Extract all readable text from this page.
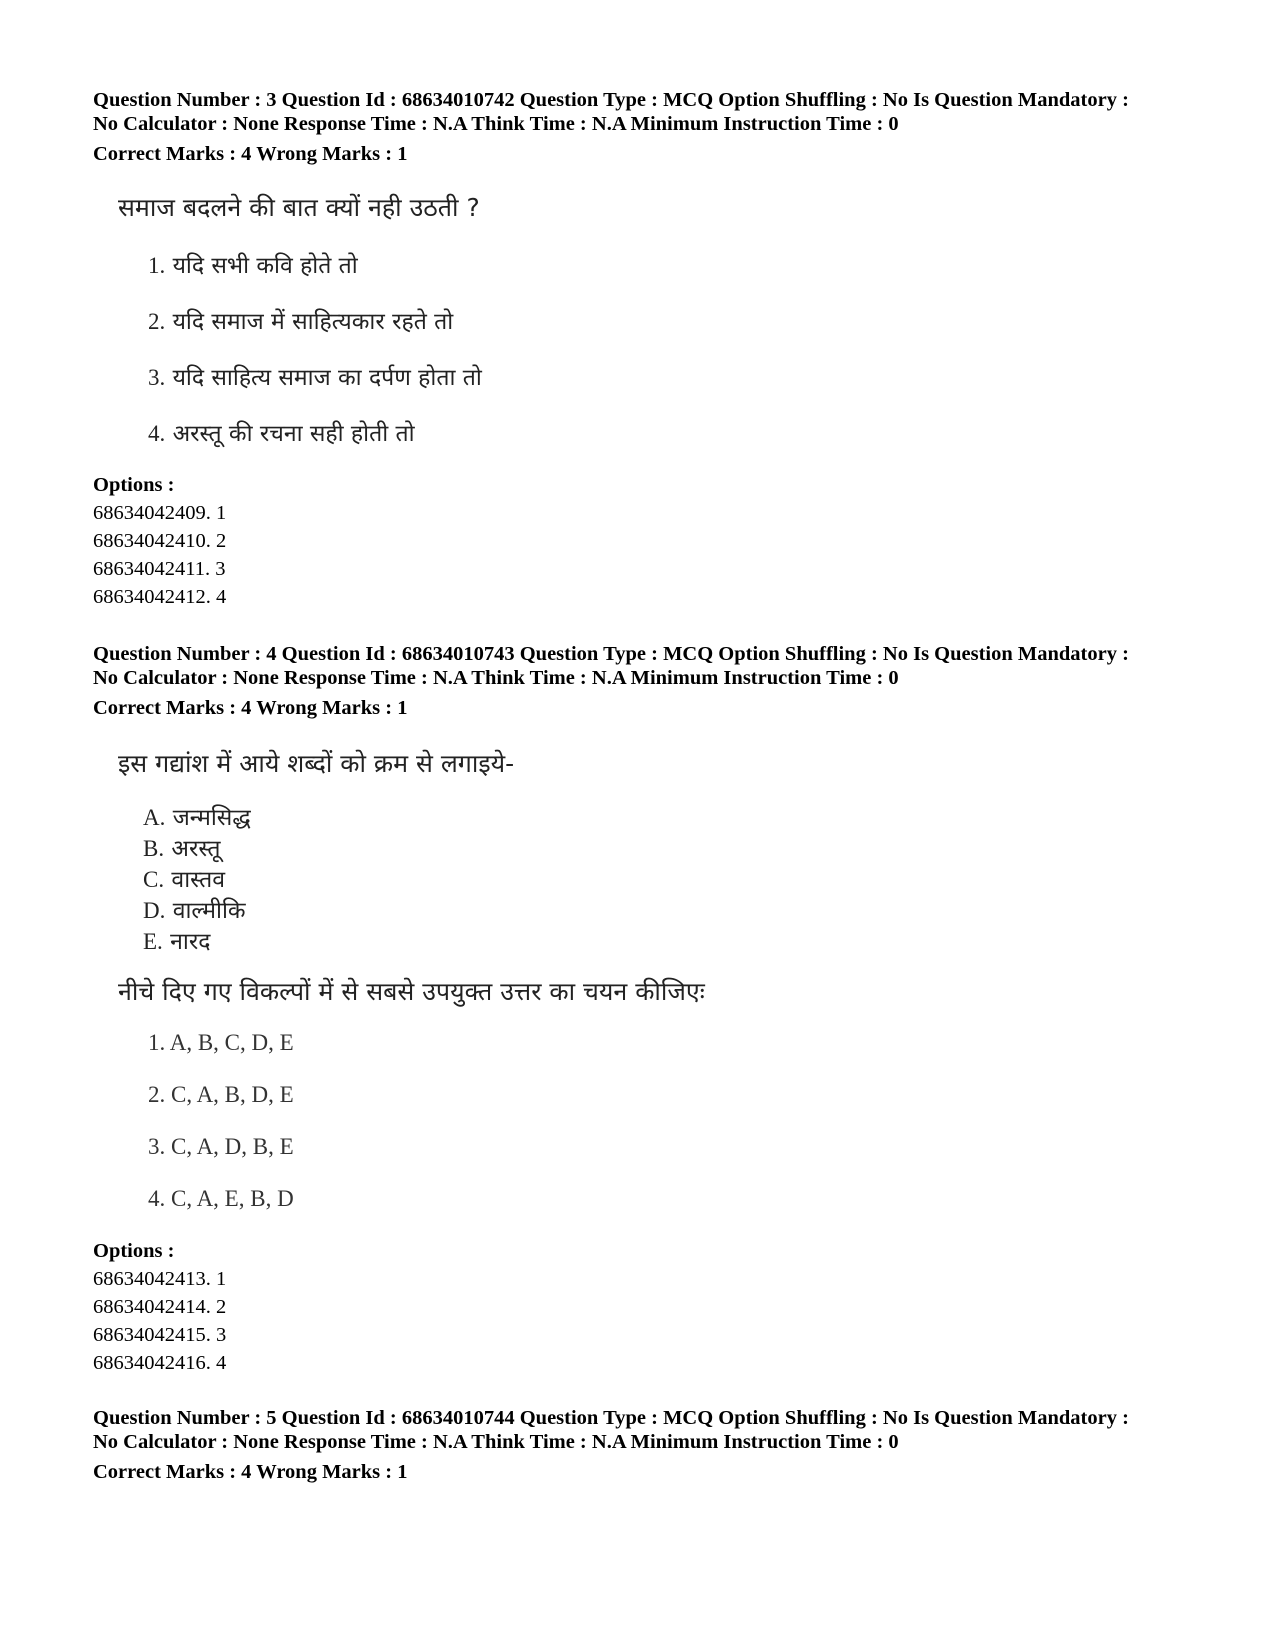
Question Number : 3 Question Id : 68634010742 Question Type : MCQ Option Shuffling : No Is Question Mandatory :

No Calculator : None Response Time : N.A Think Time : N.A Minimum Instruction Time : 0

Correct Marks : 4 Wrong Marks : 1

समाज बदलने की बात क्यों नही उठती ?

1. यदि सभी कवि होते तो

2. यदि समाज में साहित्यकार रहते तो

3. यदि साहित्य समाज का दर्पण होता तो

4. अरस्तू की रचना सही होती तो

Options :

68634042409. 1

68634042410. 2

68634042411. 3

68634042412. 4

Question Number : 4 Question Id : 68634010743 Question Type : MCQ Option Shuffling : No Is Question Mandatory :

No Calculator : None Response Time : N.A Think Time : N.A Minimum Instruction Time : 0

Correct Marks : 4 Wrong Marks : 1

इस गद्यांश में आये शब्दों को क्रम से लगाइये-

A. जन्मसिद्ध

B. अरस्तू

C. वास्तव

D. वाल्मीकि

E. नारद

नीचे दिए गए विकल्पों में से सबसे उपयुक्त उत्तर का चयन कीजिएः

1. A, B, C, D, E

2. C, A, B, D, E

3. C, A, D, B, E

4. C, A, E, B, D

Options :

68634042413. 1

68634042414. 2

68634042415. 3

68634042416. 4

Question Number : 5 Question Id : 68634010744 Question Type : MCQ Option Shuffling : No Is Question Mandatory :

No Calculator : None Response Time : N.A Think Time : N.A Minimum Instruction Time : 0

Correct Marks : 4 Wrong Marks : 1
